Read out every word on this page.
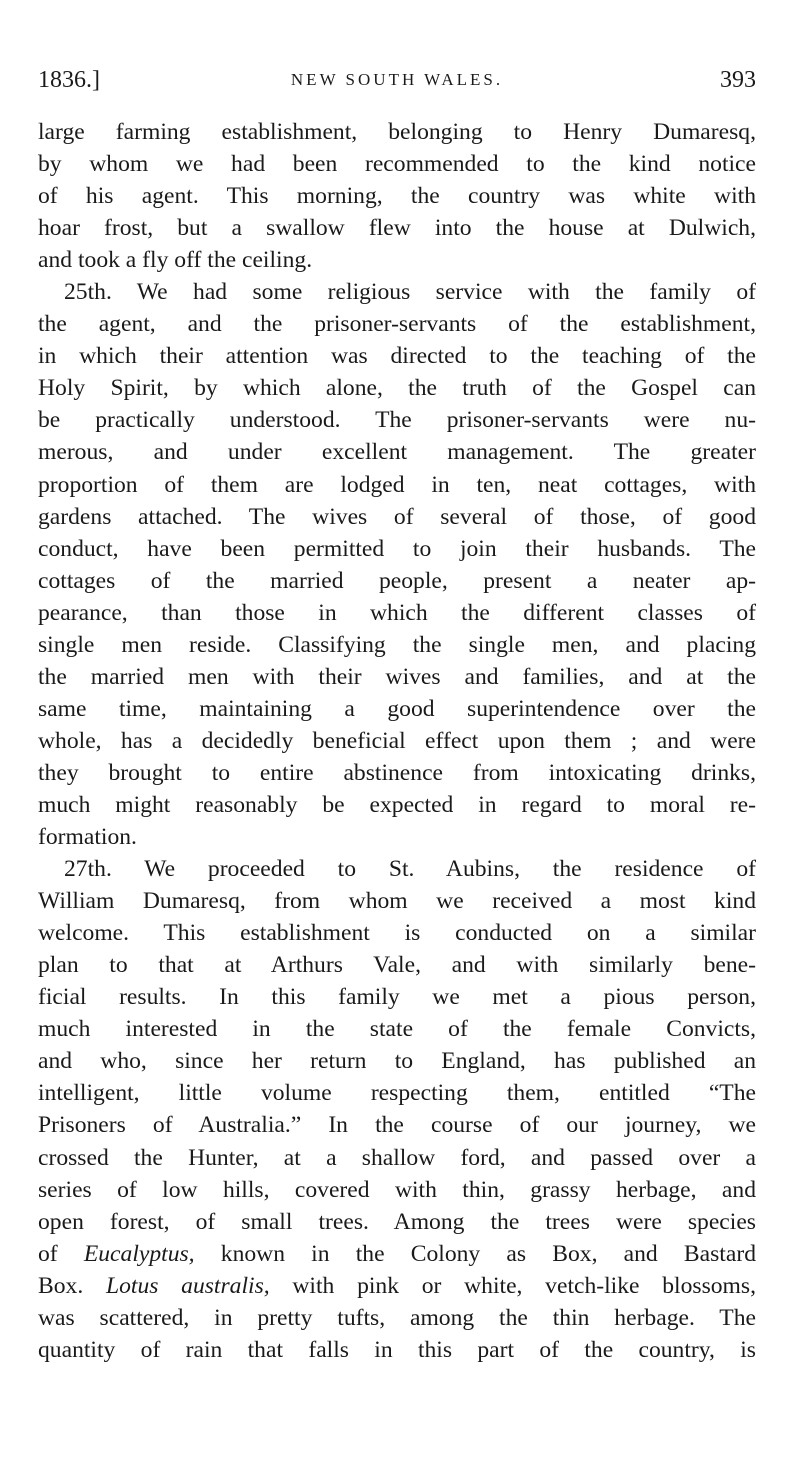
1836.]	NEW SOUTH WALES.	393
large farming establishment, belonging to Henry Dumaresq,
by whom we had been recommended to the kind notice
of his agent. This morning, the country was white with
hoar frost, but a swallow flew into the house at Dulwich,
and took a fly off the ceiling.
25th. We had some religious service with the family of
the agent, and the prisoner-servants of the establishment,
in which their attention was directed to the teaching of the
Holy Spirit, by which alone, the truth of the Gospel can
be practically understood. The prisoner-servants were nu-
merous, and under excellent management. The greater
proportion of them are lodged in ten, neat cottages, with
gardens attached. The wives of several of those, of good
conduct, have been permitted to join their husbands. The
cottages of the married people, present a neater ap-
pearance, than those in which the different classes of
single men reside. Classifying the single men, and placing
the married men with their wives and families, and at the
same time, maintaining a good superintendence over the
whole, has a decidedly beneficial effect upon them ; and were
they brought to entire abstinence from intoxicating drinks,
much might reasonably be expected in regard to moral re-
formation.
27th. We proceeded to St. Aubins, the residence of
William Dumaresq, from whom we received a most kind
welcome. This establishment is conducted on a similar
plan to that at Arthurs Vale, and with similarly bene-
ficial results. In this family we met a pious person,
much interested in the state of the female Convicts,
and who, since her return to England, has published an
intelligent, little volume respecting them, entitled “The
Prisoners of Australia.” In the course of our journey, we
crossed the Hunter, at a shallow ford, and passed over a
series of low hills, covered with thin, grassy herbage, and
open forest, of small trees. Among the trees were species
of Eucalyptus, known in the Colony as Box, and Bastard
Box. Lotus australis, with pink or white, vetch-like blossoms,
was scattered, in pretty tufts, among the thin herbage. The
quantity of rain that falls in this part of the country, is
